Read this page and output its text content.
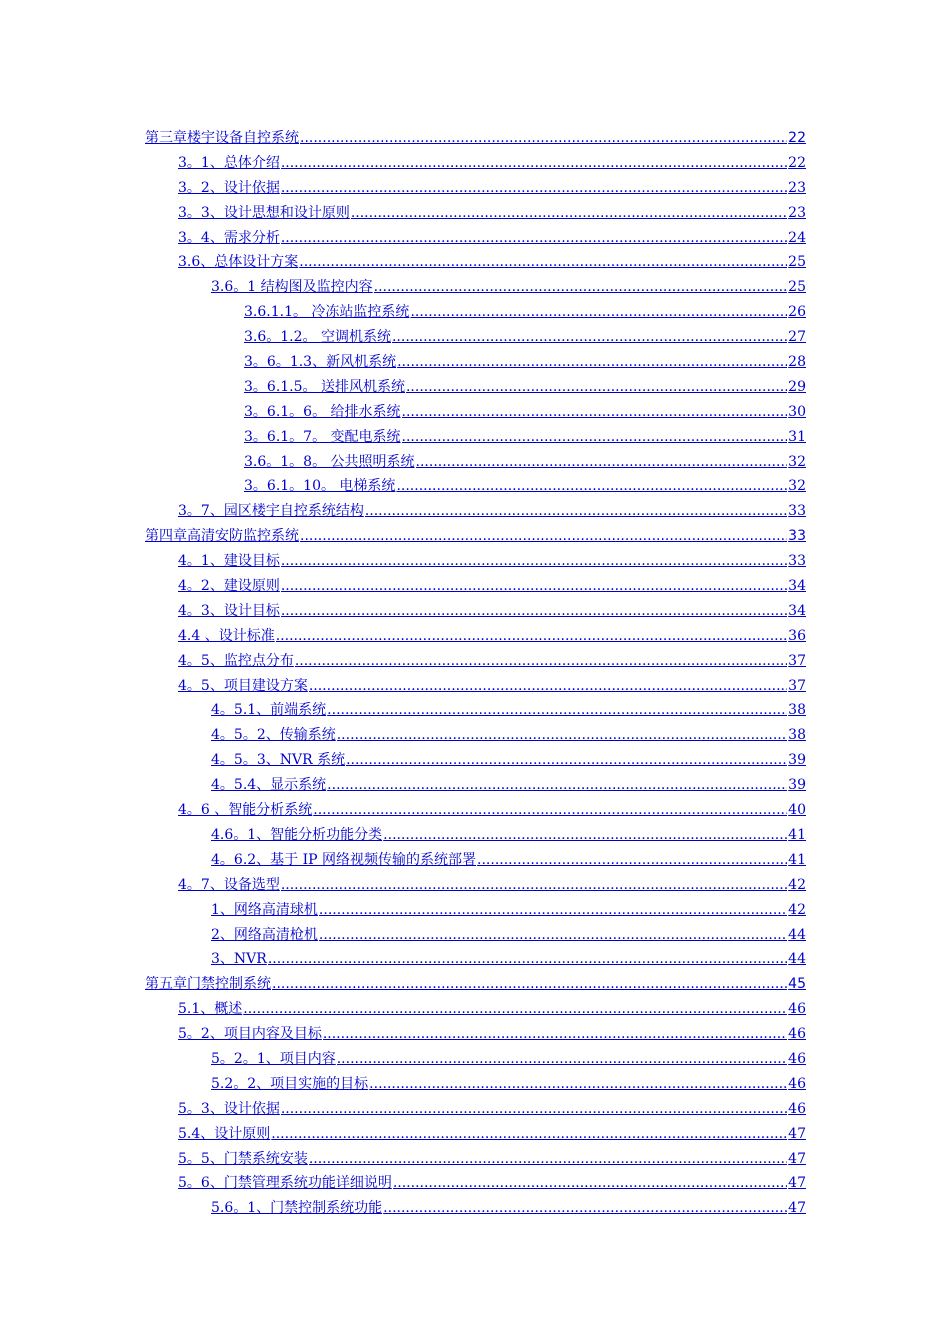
第三章楼宇设备自控系统 .....	22
3。1、总体介绍 .....	22
3。2、设计依据 .....	23
3。3、设计思想和设计原则 .....	23
3。4、需求分析 .....	24
3.6、总体设计方案 .....	25
3.6。1 结构图及监控内容 .....	25
3.6.1.1。 冷冻站监控系统 .....	26
3.6。1.2。 空调机系统 .....	27
3。6。1.3、新风机系统 .....	28
3。6.1.5。 送排风机系统 .....	29
3。6.1。6。 给排水系统 .....	30
3。6.1。7。 变配电系统 .....	31
3.6。1。8。 公共照明系统 .....	32
3。6.1。10。 电梯系统 .....	32
3。7、园区楼宇自控系统结构 .....	33
第四章高清安防监控系统 .....	33
4。1、建设目标 .....	33
4。2、建设原则 .....	34
4。3、设计目标 .....	34
4.4 、设计标准 .....	36
4。5、监控点分布 .....	37
4。5、项目建设方案 .....	37
4。5.1、前端系统 .....	38
4。5。2、传输系统 .....	38
4。5。3、NVR 系统 .....	39
4。5.4、显示系统 .....	39
4。6 、智能分析系统 .....	40
4.6。1、智能分析功能分类 .....	41
4。6.2、基于 IP 网络视频传输的系统部署 .....	41
4。7、设备选型 .....	42
1、网络高清球机 .....	42
2、网络高清枪机 .....	44
3、NVR .....	44
第五章门禁控制系统 .....	45
5.1、概述 .....	46
5。2、项目内容及目标 .....	46
5。2。1、项目内容 .....	46
5.2。2、项目实施的目标 .....	46
5。3、设计依据 .....	46
5.4、设计原则 .....	47
5。5、门禁系统安装 .....	47
5。6、门禁管理系统功能详细说明 .....	47
5.6。1、门禁控制系统功能 .....	47
